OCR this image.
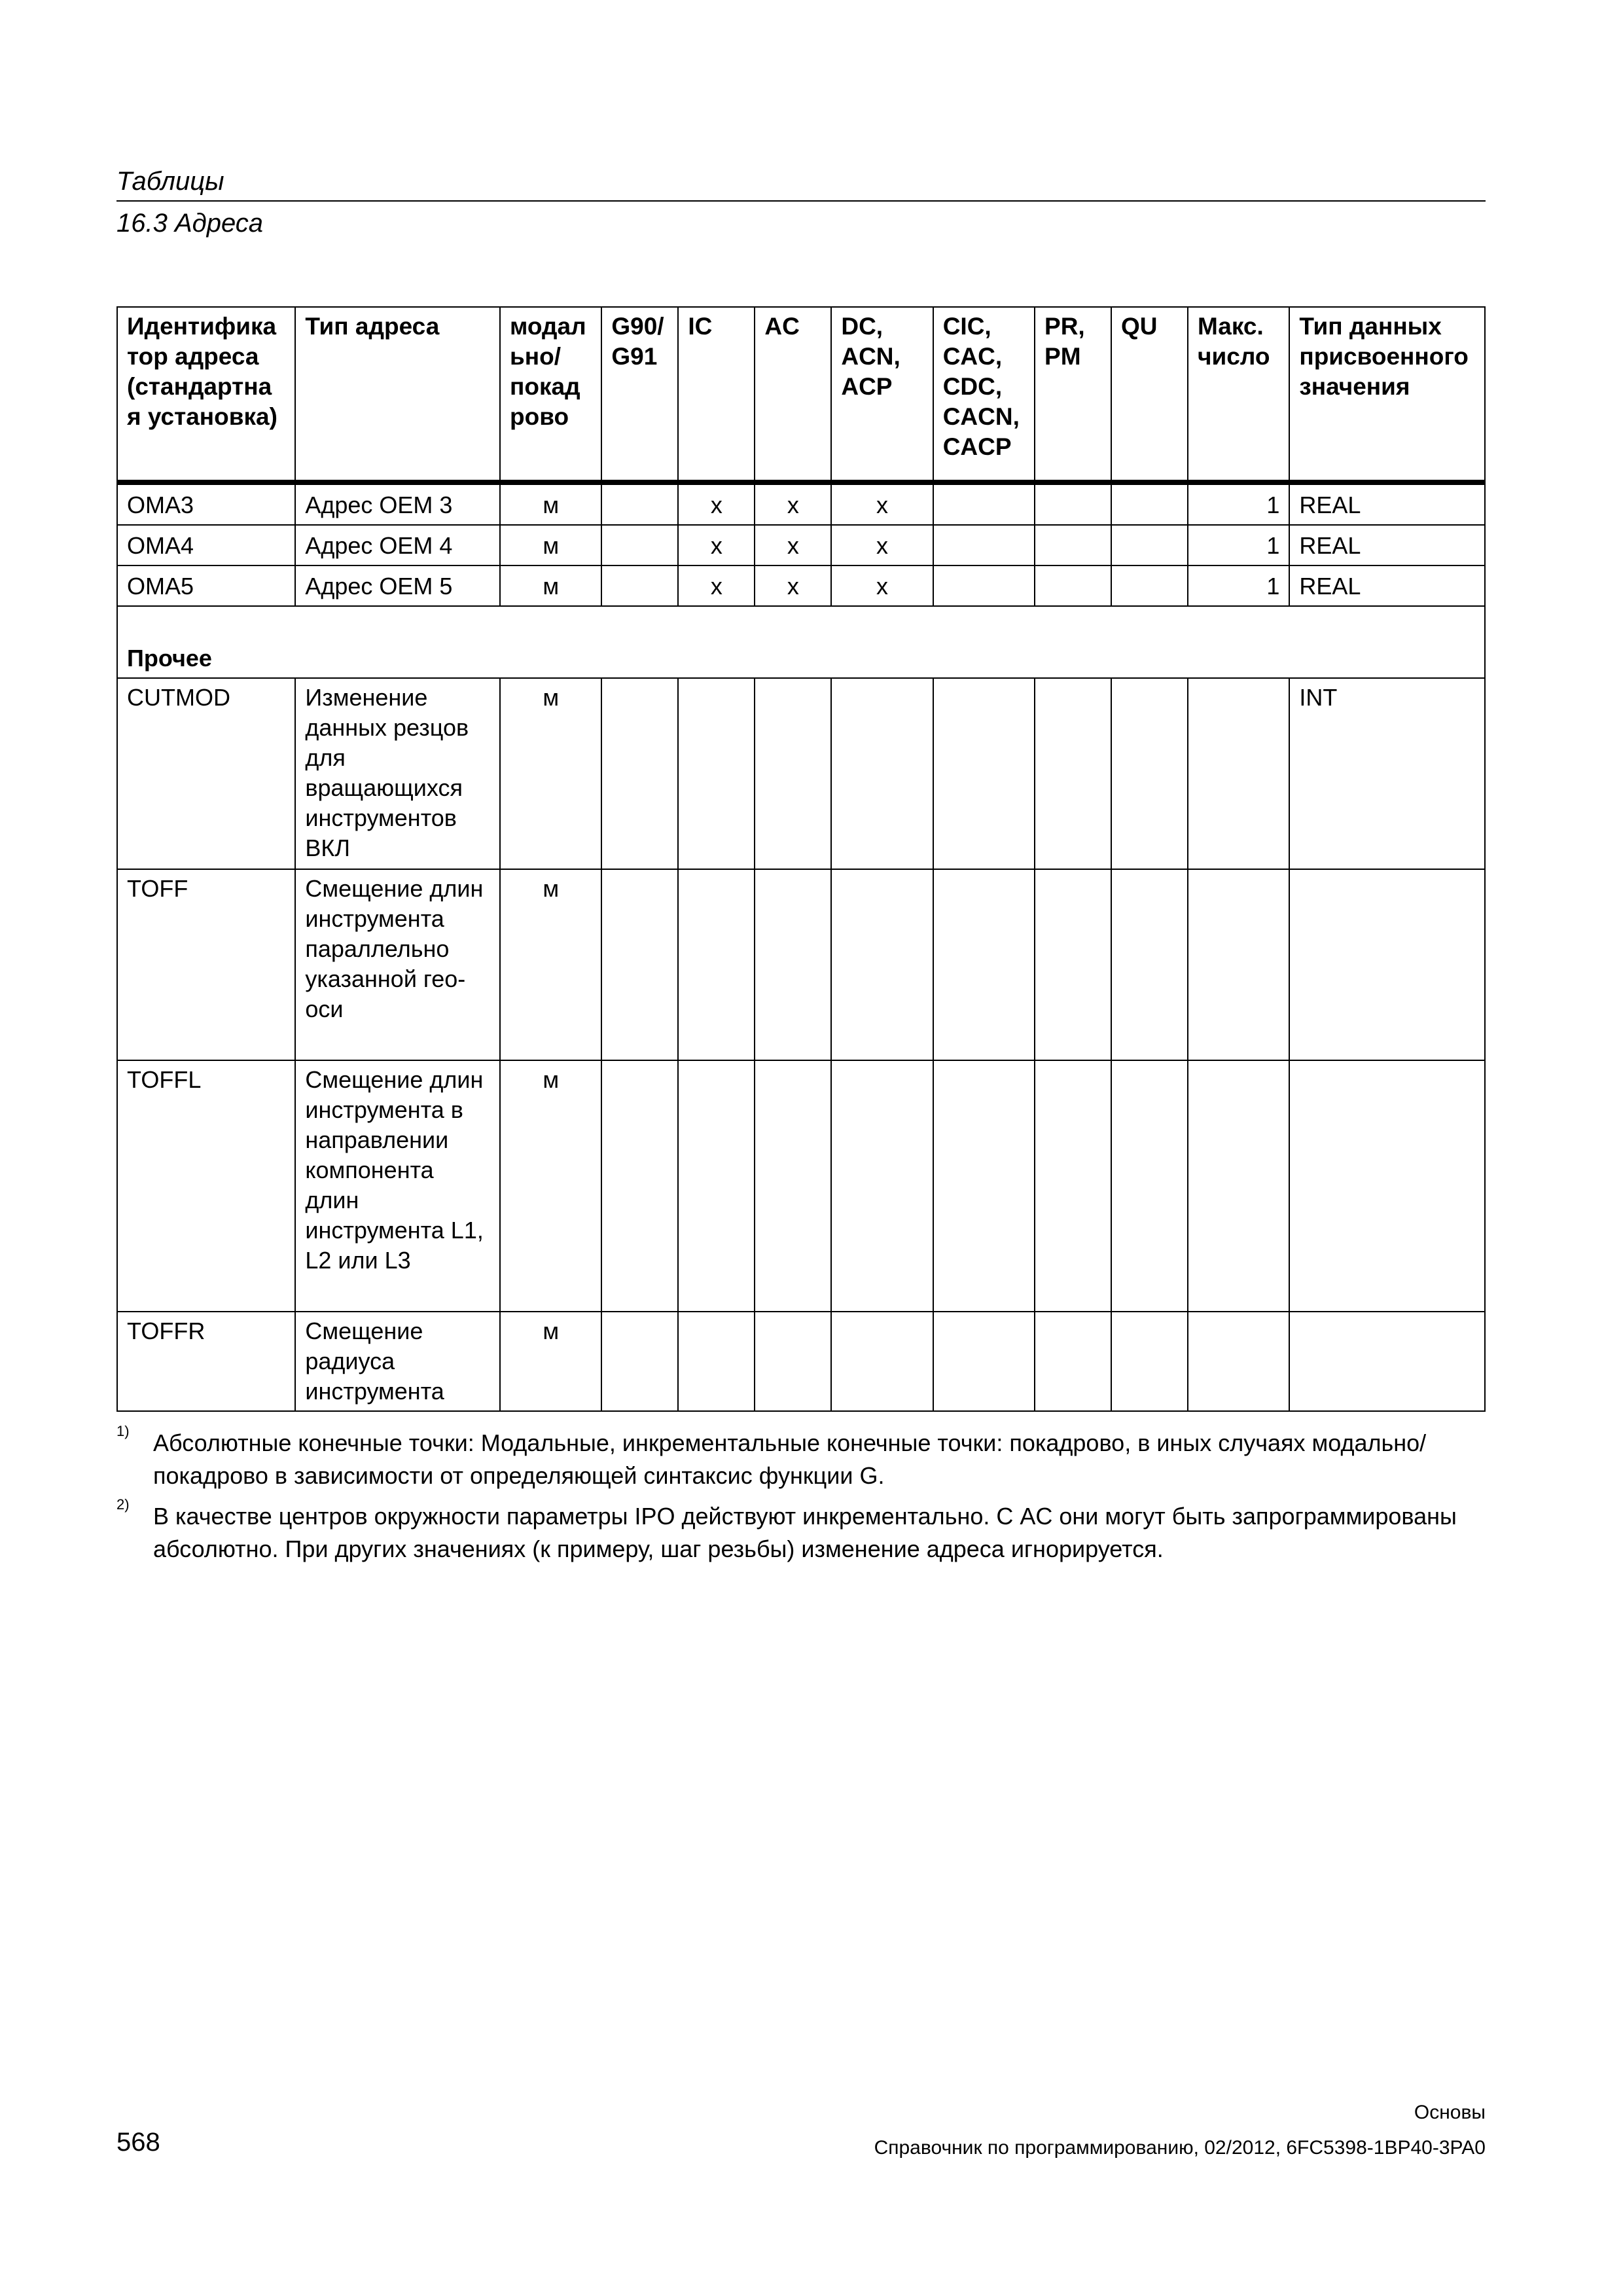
Таблицы
16.3 Адреса
Идентификатор адреса (стандартная установка)	Тип адреса	модально/ покадрово	G90/ G91	IC	AC	DC, ACN, ACP	CIC, CAC, CDC, CACN, CACP	PR, PM	QU	Макс. число	Тип данных присвоенного значения
OMA3	Адрес OEM 3	м		x	x	x				1	REAL
OMA4	Адрес OEM 4	м		x	x	x				1	REAL
OMA5	Адрес OEM 5	м		x	x	x				1	REAL
Прочее											
CUTMOD	Изменение данных резцов для вращающихся инструментов ВКЛ	м									INT
TOFF	Смещение длин инструмента параллельно указанной гео-оси	м									
TOFFL	Смещение длин инструмента в направлении компонента длин инструмента L1, L2 или L3	м									
TOFFR	Смещение радиуса инструмента	м									
1) Абсолютные конечные точки: Модальные, инкрементальные конечные точки: покадрово, в иных случаях модально/покадрово в зависимости от определяющей синтаксис функции G.
2) В качестве центров окружности параметры IPO действуют инкрементально. С AC они могут быть запрограммированы абсолютно. При других значениях (к примеру, шаг резьбы) изменение адреса игнорируется.
Основы
568	Справочник по программированию, 02/2012, 6FC5398-1BP40-3PA0
